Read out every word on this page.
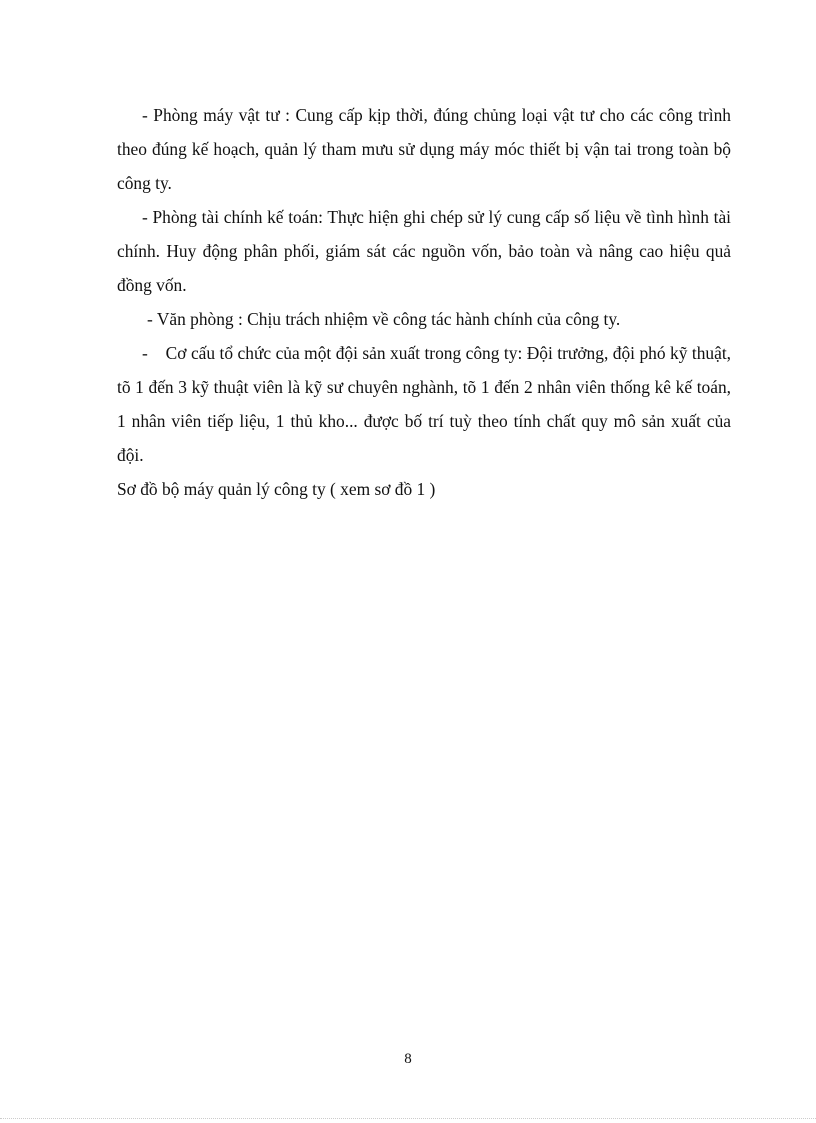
- Phòng máy vật tư : Cung cấp kịp thời, đúng chủng loại vật tư cho các công trình theo đúng kế hoạch, quản lý tham mưu sử dụng máy móc thiết bị vận tai trong toàn bộ công ty.

- Phòng tài chính kế toán: Thực hiện ghi chép sử lý cung cấp số liệu về tình hình tài chính. Huy động phân phối, giám sát các nguồn vốn, bảo toàn và nâng cao hiệu quả đồng vốn.

- Văn phòng : Chịu trách nhiệm về công tác hành chính của công ty.

-    Cơ cấu tổ chức của một đội sản xuất trong công ty: Đội trưởng, đội phó kỹ thuật, tõ 1 đến 3 kỹ thuật viên là kỹ sư chuyên nghành, tõ 1 đến 2 nhân viên thống kê kế toán, 1 nhân viên tiếp liệu, 1 thủ kho... được bố trí tuỳ theo tính chất quy mô sản xuất của đội.

Sơ đồ bộ máy quản lý công ty ( xem sơ đồ 1 )

8
